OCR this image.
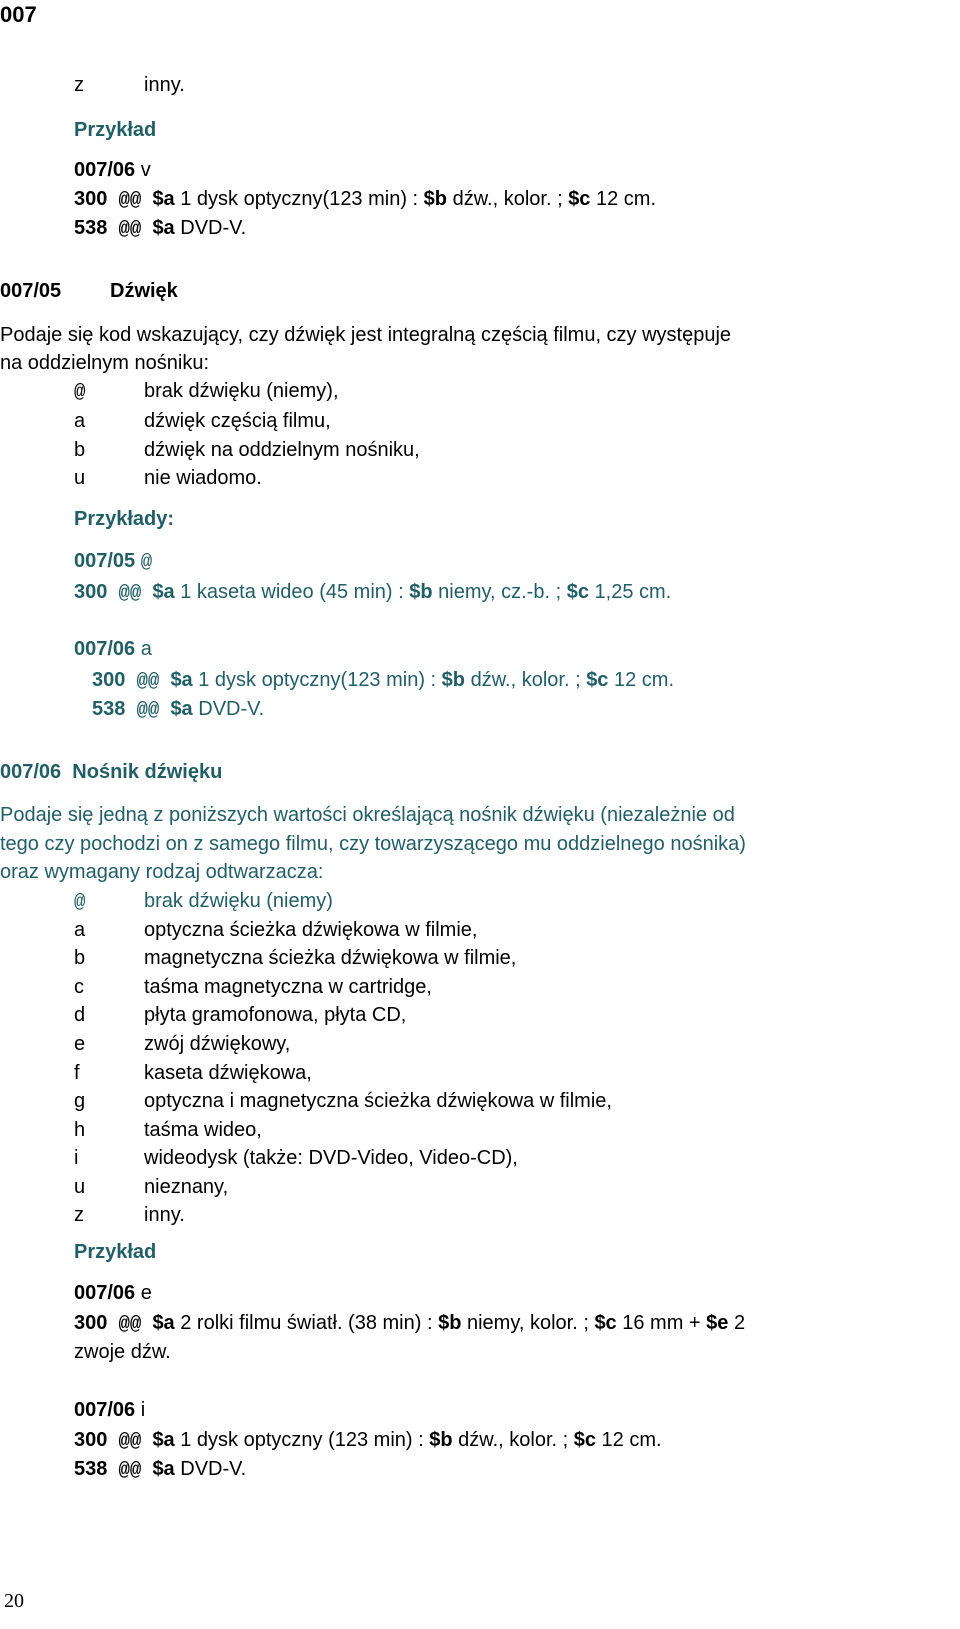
007
z	inny.
Przykład
007/06 v
300 @@ $a 1 dysk optyczny(123 min) : $b dźw., kolor. ; $c 12 cm.
538 @@ $a DVD-V.
007/05 Dźwięk
Podaje się kod wskazujący, czy dźwięk jest integralną częścią filmu, czy występuje
na oddzielnym nośniku:
@	brak dźwięku (niemy),
a	dźwięk częścią filmu,
b	dźwięk na oddzielnym nośniku,
u	nie wiadomo.
Przykłady:
007/05 @
300 @@ $a 1 kaseta wideo (45 min) : $b niemy, cz.-b. ; $c 1,25 cm.
007/06 a
300 @@ $a 1 dysk optyczny(123 min) : $b dźw., kolor. ; $c 12 cm.
538 @@ $a DVD-V.
007/06 Nośnik dźwięku
Podaje się jedną z poniższych wartości określającą nośnik dźwięku (niezależnie od
tego czy pochodzi on z samego filmu, czy towarzyszącego mu oddzielnego nośnika)
oraz wymagany rodzaj odtwarzacza:
@	brak dźwięku (niemy)
a	optyczna ścieżka dźwiękowa w filmie,
b	magnetyczna ścieżka dźwiękowa w filmie,
c	taśma magnetyczna w cartridge,
d	płyta gramofonowa, płyta CD,
e	zwój dźwiękowy,
f	kaseta dźwiękowa,
g	optyczna i magnetyczna ścieżka dźwiękowa w filmie,
h	taśma wideo,
i	wideodysk (także: DVD-Video, Video-CD),
u	nieznany,
z	inny.
Przykład
007/06 e
300 @@ $a 2 rolki filmu światł. (38 min) : $b niemy, kolor. ; $c 16 mm + $e 2
zwoje dźw.
007/06 i
300 @@ $a 1 dysk optyczny (123 min) : $b dźw., kolor. ; $c 12 cm.
538 @@ $a DVD-V.
20
